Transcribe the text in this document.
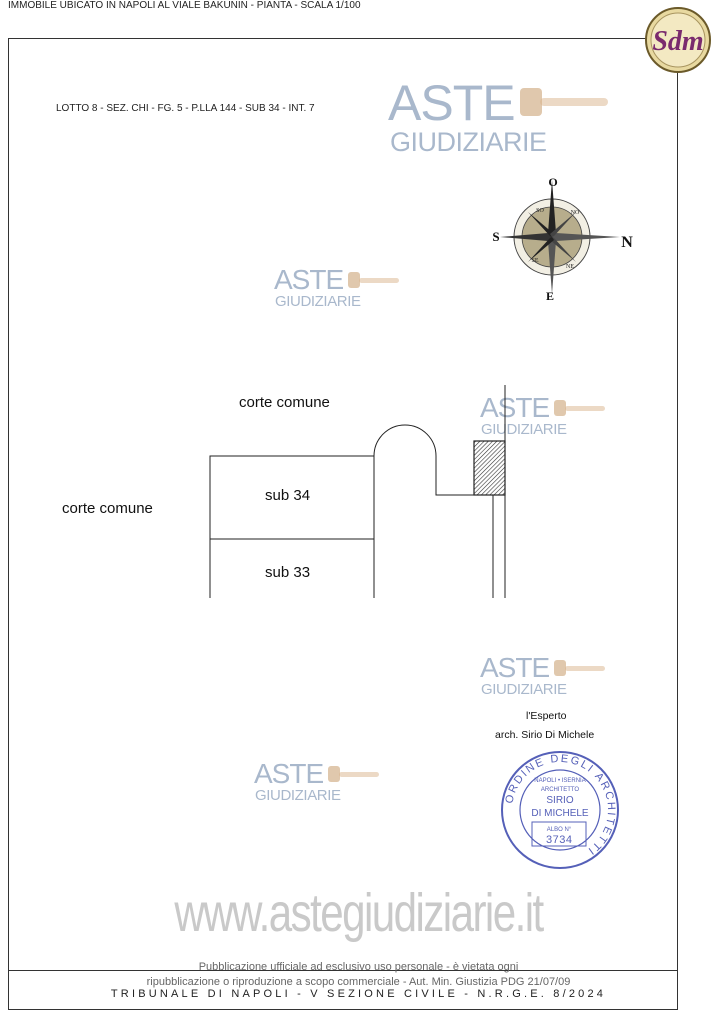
IMMOBILE UBICATO IN NAPOLI AL VIALE BAKUNIN - PIANTA - SCALA 1/100
Sdm
LOTTO 8 - SEZ. CHI - FG. 5 - P.LLA 144 - SUB 34 - INT. 7 ASTE
GIUDIZIARIE
O
E
S	N
SO	NO
SE
NE
ASTE
GIUDIZIARIE
ASTE
GIUDIZIARIE
corte comune
corte comune
sub 34
sub 33
ASTE
GIUDIZIARIE
l'Esperto
arch. Sirio Di Michele
ASTE
GIUDIZIARIE	ORDINE DEGLI ARCHITETTI
NAPOLI • ISERNIA
ARCHITETTO
SIRIO
DI MICHELE
ALBO N°
3734
www.astegiudiziarie.it
Pubblicazione ufficiale ad esclusivo uso personale - è vietata ogni
ripubblicazione o riproduzione a scopo commerciale - Aut. Min. Giustizia PDG 21/07/09
TRIBUNALE DI NAPOLI - V SEZIONE CIVILE - N.R.G.E. 8/2024
